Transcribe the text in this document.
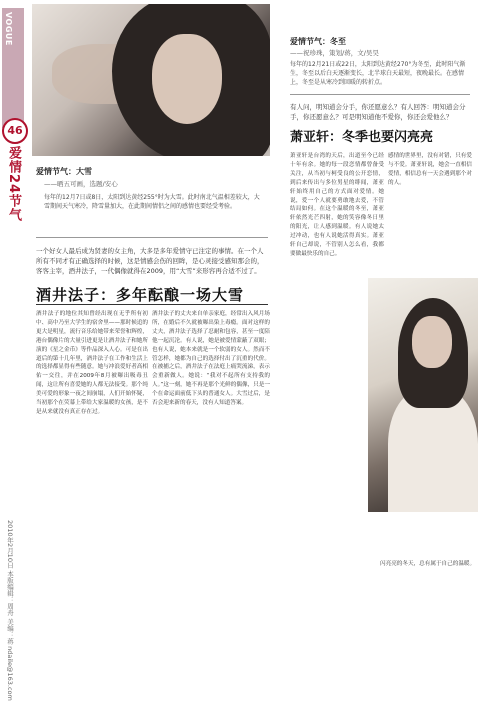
VOGUE
46
爱情24节气
2010年2月10日 本版编辑：周舟 美编：蒋 ndaile@163.com
爱情节气：大雪
——晒五可画，选题/安心
每年的12月7日或8日，太阳到达黄经255°时为大雪。此时南北气温相差较大，大雪期间天气寒冷，降雪量加大，在此期间情侣之间的感情也要经受考验。
一个好女人最后成为贤妻的女主角，大多是多年爱情守已注定的事情。在一个人所有不同才有正确选择的时候，这是情感会伤的回眸，是心灵接受感知那会的，客客主宰，酒井法子，一代偶像就得在2009，用“大雪”来形容再合适不过了。
酒井法子：多年酝酿一场大雪
酒井法子的地位其知曾经出现在无乎所有初中、高中乃至大学生的宿舍里——那时候追的更大是明星，流行音乐给她带来荣誉和辉煌，港台偶像片的大量引进更是让酒井法子和她所演的《星之金币》等作品深入人心。可是在出道后的第十几年里，酒井法子在工作和生活上的选择都显得有些随意。她与冲浪爱好者高相佑一交往，并在2009年8月被曝出吸毒丑闻，这让所有喜爱她的人都无法接受。那个纯美可爱的形象一夜之间崩塌，人们开始怀疑，当初那个在荧幕上带给大家温暖的女孩，是不是从来就没有真正存在过。
酒井法子的丈夫来自单亲家庭，经常出入风月场所，在婚后不久就被曝出染上毒瘾。面对这样的丈夫，酒井法子选择了忍耐和包容，甚至一度陪他一起沉沦。有人说，她是被爱情蒙蔽了双眼；也有人说，她本来就是一个软弱的女人。然而不管怎样，她都为自己的选择付出了沉重的代价。在被捕之后，酒井法子在法庭上痛哭流涕，表示会重新做人。她说：“我对不起所有支持我的人。”这一刻，她不再是那个光鲜的偶像，只是一个在命运面前低下头的普通女人。大雪过后，是否会迎来新的春天，没有人知道答案。
爱情节气：冬至
——祝珍珠，策划/蒋，文/吴昊
每年的12月21日或22日，太阳到达黄经270°为冬至，此时阳气渐生，冬至以后白天逐渐变长，北半球白天最短，夜晚最长。在感情上，冬至是从寒冷到回暖的转折点。
有人问，明知道会分手，你还愿意么？有人回答：明知道会分手，你还愿意么？可是明知道他不爱你，你还会爱他么？
萧亚轩：冬季也要闪亮亮
萧亚轩是台湾的天后，出道至今已经十年有余。她的每一段恋情都曾备受关注，从当初与柯受良的公开恋情，到后来传出与多位男星的绯闻，萧亚轩始终用自己的方式面对爱情。她说，爱一个人就要勇敢地去爱，不管结局如何。在这个温暖的冬至，萧亚轩依然光芒四射，她的笑容像冬日里的阳光，让人感到温暖。有人说她太过冲动，也有人说她活得真实。萧亚轩自己却说，不管别人怎么看，我都要做最快乐的自己。
感情的世界里，没有对错，只有爱与不爱。萧亚轩说，她会一直相信爱情，相信总有一天会遇到那个对的人。
闪亮亮的冬天，总有属于自己的温暖。
